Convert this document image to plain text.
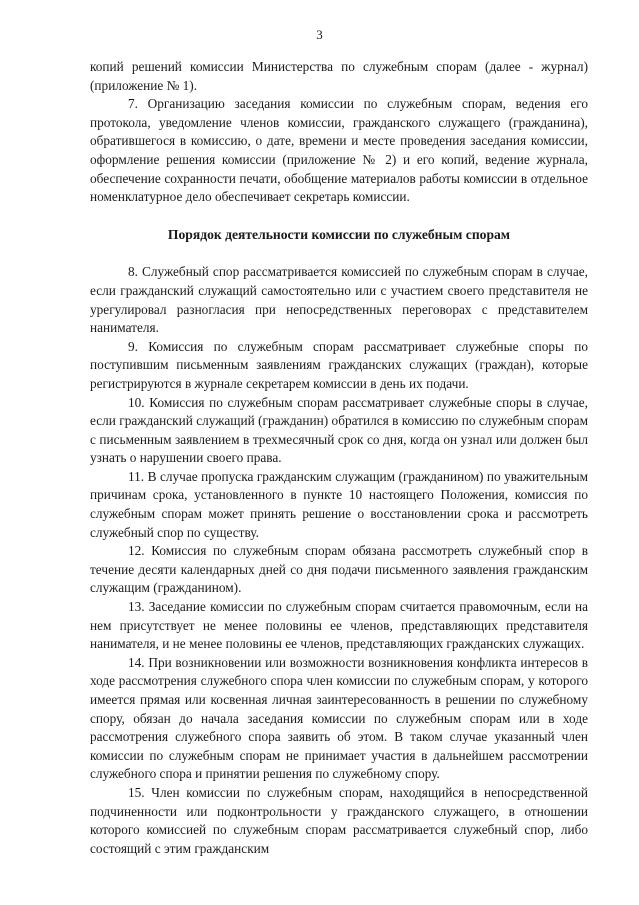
3

копий решений комиссии Министерства по служебным спорам (далее - журнал) (приложение № 1).

7. Организацию заседания комиссии по служебным спорам, ведения его протокола, уведомление членов комиссии, гражданского служащего (гражданина), обратившегося в комиссию, о дате, времени и месте проведения заседания комиссии, оформление решения комиссии (приложение № 2) и его копий, ведение журнала, обеспечение сохранности печати, обобщение материалов работы комиссии в отдельное номенклатурное дело обеспечивает секретарь комиссии.

Порядок деятельности комиссии по служебным спорам

8. Служебный спор рассматривается комиссией по служебным спорам в случае, если гражданский служащий самостоятельно или с участием своего представителя не урегулировал разногласия при непосредственных переговорах с представителем нанимателя.

9. Комиссия по служебным спорам рассматривает служебные споры по поступившим письменным заявлениям гражданских служащих (граждан), которые регистрируются в журнале секретарем комиссии в день их подачи.

10. Комиссия по служебным спорам рассматривает служебные споры в случае, если гражданский служащий (гражданин) обратился в комиссию по служебным спорам с письменным заявлением в трехмесячный срок со дня, когда он узнал или должен был узнать о нарушении своего права.

11. В случае пропуска гражданским служащим (гражданином) по уважительным причинам срока, установленного в пункте 10 настоящего Положения, комиссия по служебным спорам может принять решение о восстановлении срока и рассмотреть служебный спор по существу.

12. Комиссия по служебным спорам обязана рассмотреть служебный спор в течение десяти календарных дней со дня подачи письменного заявления гражданским служащим (гражданином).

13. Заседание комиссии по служебным спорам считается правомочным, если на нем присутствует не менее половины ее членов, представляющих представителя нанимателя, и не менее половины ее членов, представляющих гражданских служащих.

14. При возникновении или возможности возникновения конфликта интересов в ходе рассмотрения служебного спора член комиссии по служебным спорам, у которого имеется прямая или косвенная личная заинтересованность в решении по служебному спору, обязан до начала заседания комиссии по служебным спорам или в ходе рассмотрения служебного спора заявить об этом. В таком случае указанный член комиссии по служебным спорам не принимает участия в дальнейшем рассмотрении служебного спора и принятии решения по служебному спору.

15. Член комиссии по служебным спорам, находящийся в непосредственной подчиненности или подконтрольности у гражданского служащего, в отношении которого комиссией по служебным спорам рассматривается служебный спор, либо состоящий с этим гражданским
